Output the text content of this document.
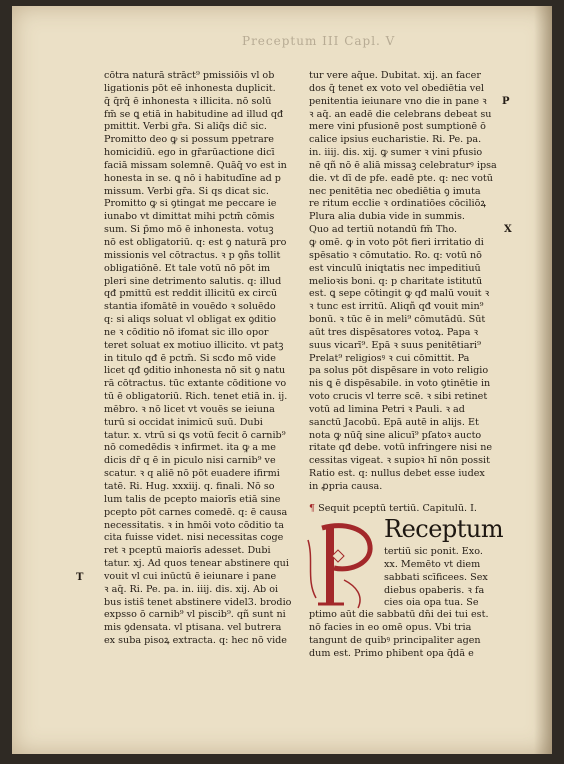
Preceptum III Capl. V
cōtra naturā strāct⁹ pmissiōis vl̄ ob
ligationis pōt eē inhonesta duplicit.
q̄ q̄rq̄ ē inhonesta ꝛ illicita. nō solū
fm̄ se ꝗ etiā in habitudine ad illud qđ
pmittit. Verbi gr̄a. Si aliq̄s dic̄ sic.
Promitto deo ꝙ si possum ppetrare
homicidiū. ego in gr̄arūactione dicī
faciā missam solemnē. Quāq̄ vo est in
honesta in se. ꝗ nō i habitudīne ad p
missum. Verbi gr̄a. Si qs dicat sic.
Promitto ꝙ si ꝯtingat me peccare ie
iunabo vt dimittat mihi pctm̄ cōmis
sum. Si p̄mo mō ē inhonesta. votuꝫ
nō est obligatoriū. q: est ꝯ naturā pro
missionis vel cōtractus. ꝛ p ꝯñs tollit
obligatiōnē. Et tale votū nō pōt im
pleri sine detrimento salutis. q: illud
qđ pmittū est reddit illicitū ex circū
stantia ifomātē in vouēdo ꝛ soluēdo
q: si aliqs soluat vl̄ obligat ex ꝯditio
ne ꝛ cōditio nō ifomat sic illo opor
teret soluat ex motiuo illicito. vt patꝫ
in titulo qđ ē pctm̄. Si scđo mō vide
licet qđ ꝯditio inhonesta nō sit ꝯ natu
rā cōtractus. tūc extante cōditione vo
tū ē obligatoriū. Rich. tenet etiā in. ij.
mēbro. ꝛ nō licet vt vouēs se ieiuna
turū si occidat inimicū suū. Dubi
tatur. x. vtrū si ꝗs votū fecit ō carnib⁹
nō comedēdis ꝛ infirmet. ita ꝙ a me
dicis dr̄ q ē in piculo nisi carnib⁹ ve
scatur. ꝛ q aliē nō pōt euadere ifirmi
tatē. Ri. Hug. xxxiij. q. finali. Nō so
lum talis de pcepto maiorīs etiā sine
pcepto pōt carnes comedē. q: ē causa
necessitatis. ꝛ in hmōi voto cōditio ta
cita fuisse videt. nisi necessitas coge
ret ꝛ pceptū maiorīs adesset. Dubi
tatur. xj. Ad quos tenear abstinere qui
vouit vl̄ cui inūctū ē ieiunare i pane
ꝛ aq̄. Ri. Pe. pa. in. iiij. dis. xij. Ab oi
bus istis̄ tenet abstinere videl3. brodio
expsso ō carnib⁹ vl̄ piscib⁹. qñ sunt ni
mis ꝯdensata. vl̄ ptisana. vel butrera
ex suba pisoꝝ extracta. q: hec nō vide
tur vere aq̄ue. Dubitat. xij. an facer
dos q̄ tenet ex voto vel obediētia vel
penitentia ieiunare vno die in pane ꝛ
ꝛ aq̄. an eadē die celebrans debeat su
mere vini pfusionē post sumptionē ō
calice ipsius eucharistie. Ri. Pe. pa.
in. iiij. dis. xij. ꝙ sumer ꝛ vini pfusio
nē qñ nō ē aliā missaꝫ celebraturꝰ ipsa
die. vt dī de pfe. eadē pte. q: nec votū
nec penitētia nec obediētia ꝯ imuta
re ritum ecclie ꝛ ordinatiōes cōciliōꝝ
Plura alia dubia vide in summis.
Quo ad tertiū notandū fm̄ Tho.
ꝙ omē. ꝙ in voto pōt fieri irritatio di
spēsatio ꝛ cōmutatio. Ro. q: votū nō
est vinculū iniqtatis nec impeditiuū
melioꝛis boni. q: p charitate istitutū
est. ꝗ sepe cōtingit ꝙ qđ malū vouit ꝛ
ꝛ tunc est irritū. Aliqñ qđ vouit min⁹
bonū. ꝛ tūc ē in meli⁹ cōmutādū. Sūt
aūt tres dispēsatores votoꝝ. Papa ꝛ
suus vicarī⁹. Epā ꝛ suus penitētiari⁹
Prelat⁹ religiosꝰ ꝛ cui cōmittit. Pa
pa solus pōt dispēsare in voto religio
nis ꝗ ē dispēsabile. in voto ꝯtinētie in
voto crucis vl̄ terre scē. ꝛ sibi retinet
votū ad limina Petri ꝛ Pauli. ꝛ ad
sanctū Jacobū. Epā autē in alijs. Et
nota ꝙ nūq̄ sine alicuī⁹ pſatoꝛ aucto
ritate qđ debe. votū infringere nisi ne
cessitas vigeat. ꝛ supioꝛ hī nōn possit
Ratio est. q: nullus debet esse iudex
in ꝓpria causa.
P
X
T
¶ Sequit pceptū tertiū. Capitulū. I.
Receptum
tertiū sic ponit. Exo.
xx. Memēto vt diem
sabbati scīficees. Sex
diebus opaberis. ꝛ fa
cies oia opa tua. Se
ptimo aūt die sabbatū dn̄i dei tui est.
nō facies in eo omē opus. Vbi tria
tangunt de quibꝰ principaliter agen
dum est. Primo phibent opa q̄dā e
